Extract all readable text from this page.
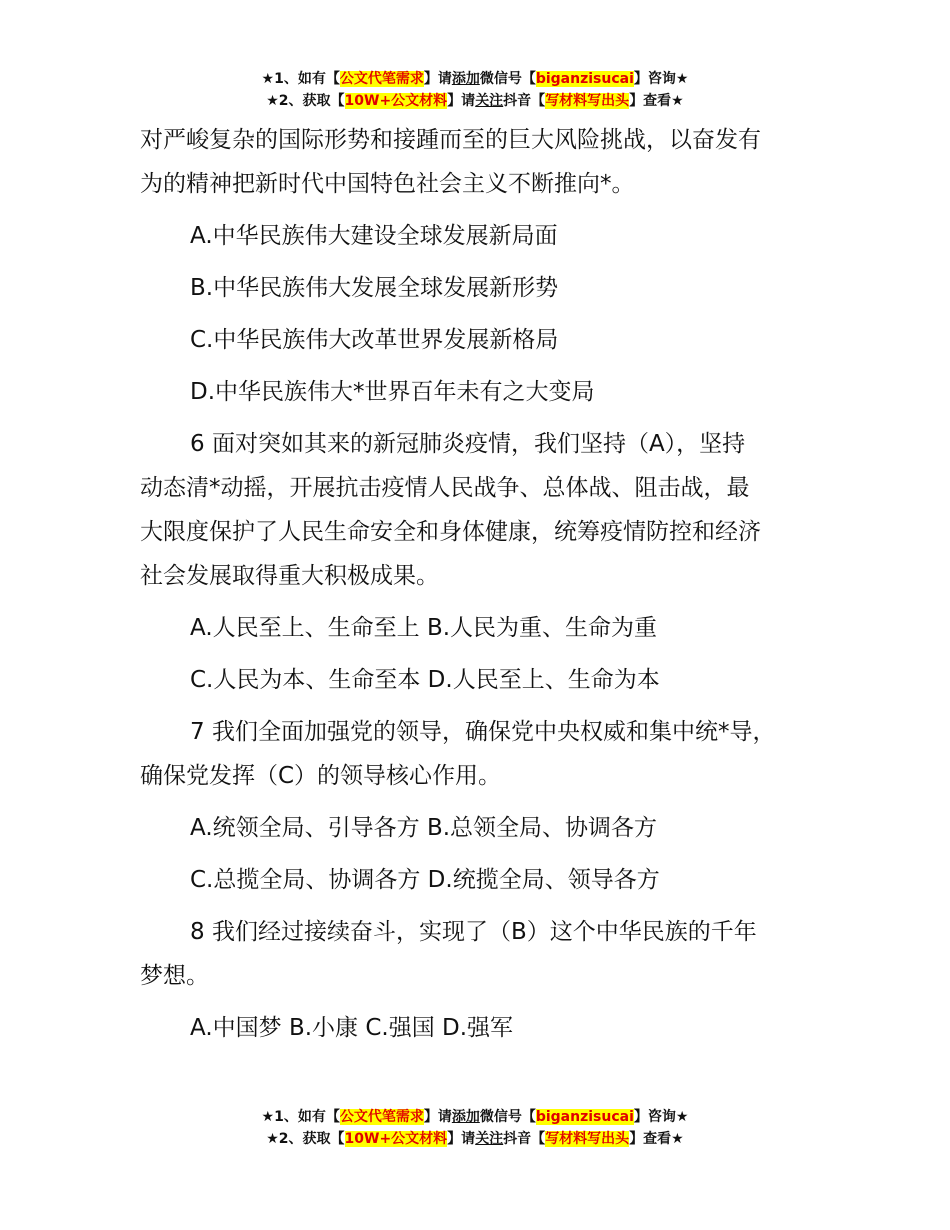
★1、如有【公文代笔需求】请添加微信号【biganzisucai】咨询★
★2、获取【10W+公文材料】请关注抖音【写材料写出头】查看★

对严峻复杂的国际形势和接踵而至的巨大风险挑战，以奋发有

为的精神把新时代中国特色社会主义不断推向*。

A.中华民族伟大建设全球发展新局面

B.中华民族伟大发展全球发展新形势

C.中华民族伟大改革世界发展新格局

D.中华民族伟大*世界百年未有之大变局

6 面对突如其来的新冠肺炎疫情，我们坚持（A），坚持

动态清*动摇，开展抗击疫情人民战争、总体战、阻击战，最

大限度保护了人民生命安全和身体健康，统筹疫情防控和经济

社会发展取得重大积极成果。

A.人民至上、生命至上 B.人民为重、生命为重

C.人民为本、生命至本 D.人民至上、生命为本

7 我们全面加强党的领导，确保党中央权威和集中统*导，

确保党发挥（C）的领导核心作用。

A.统领全局、引导各方 B.总领全局、协调各方

C.总揽全局、协调各方 D.统揽全局、领导各方

8 我们经过接续奋斗，实现了（B）这个中华民族的千年

梦想。

A.中国梦 B.小康 C.强国 D.强军

★1、如有【公文代笔需求】请添加微信号【biganzisucai】咨询★
★2、获取【10W+公文材料】请关注抖音【写材料写出头】查看★
